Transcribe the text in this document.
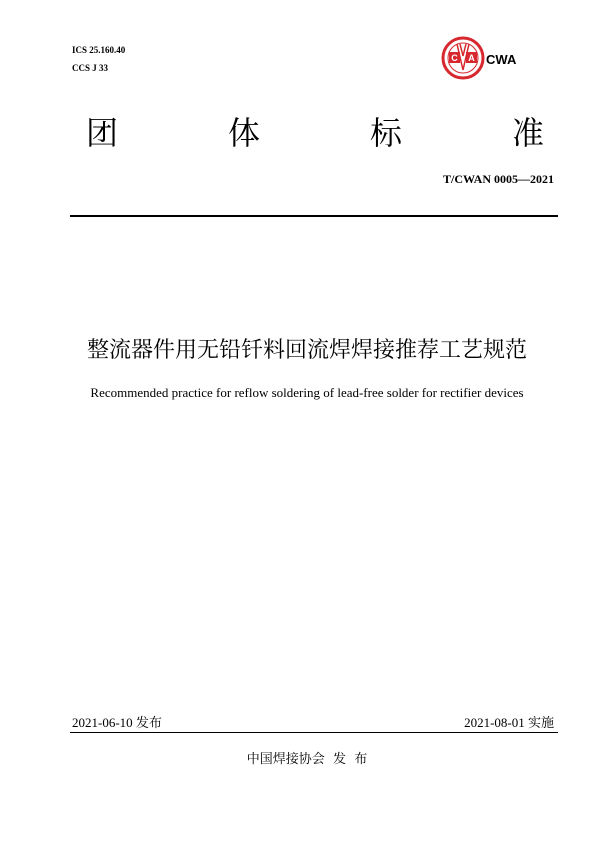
ICS 25.160.40
CCS J 33
C A CWA
团	体	标	准
T/CWAN 0005—2021
整流器件用无铅钎料回流焊焊接推荐工艺规范
Recommended practice for reflow soldering of lead-free solder for rectifier devices
2021-06-10 发布	2021-08-01 实施
中国焊接协会  发  布
